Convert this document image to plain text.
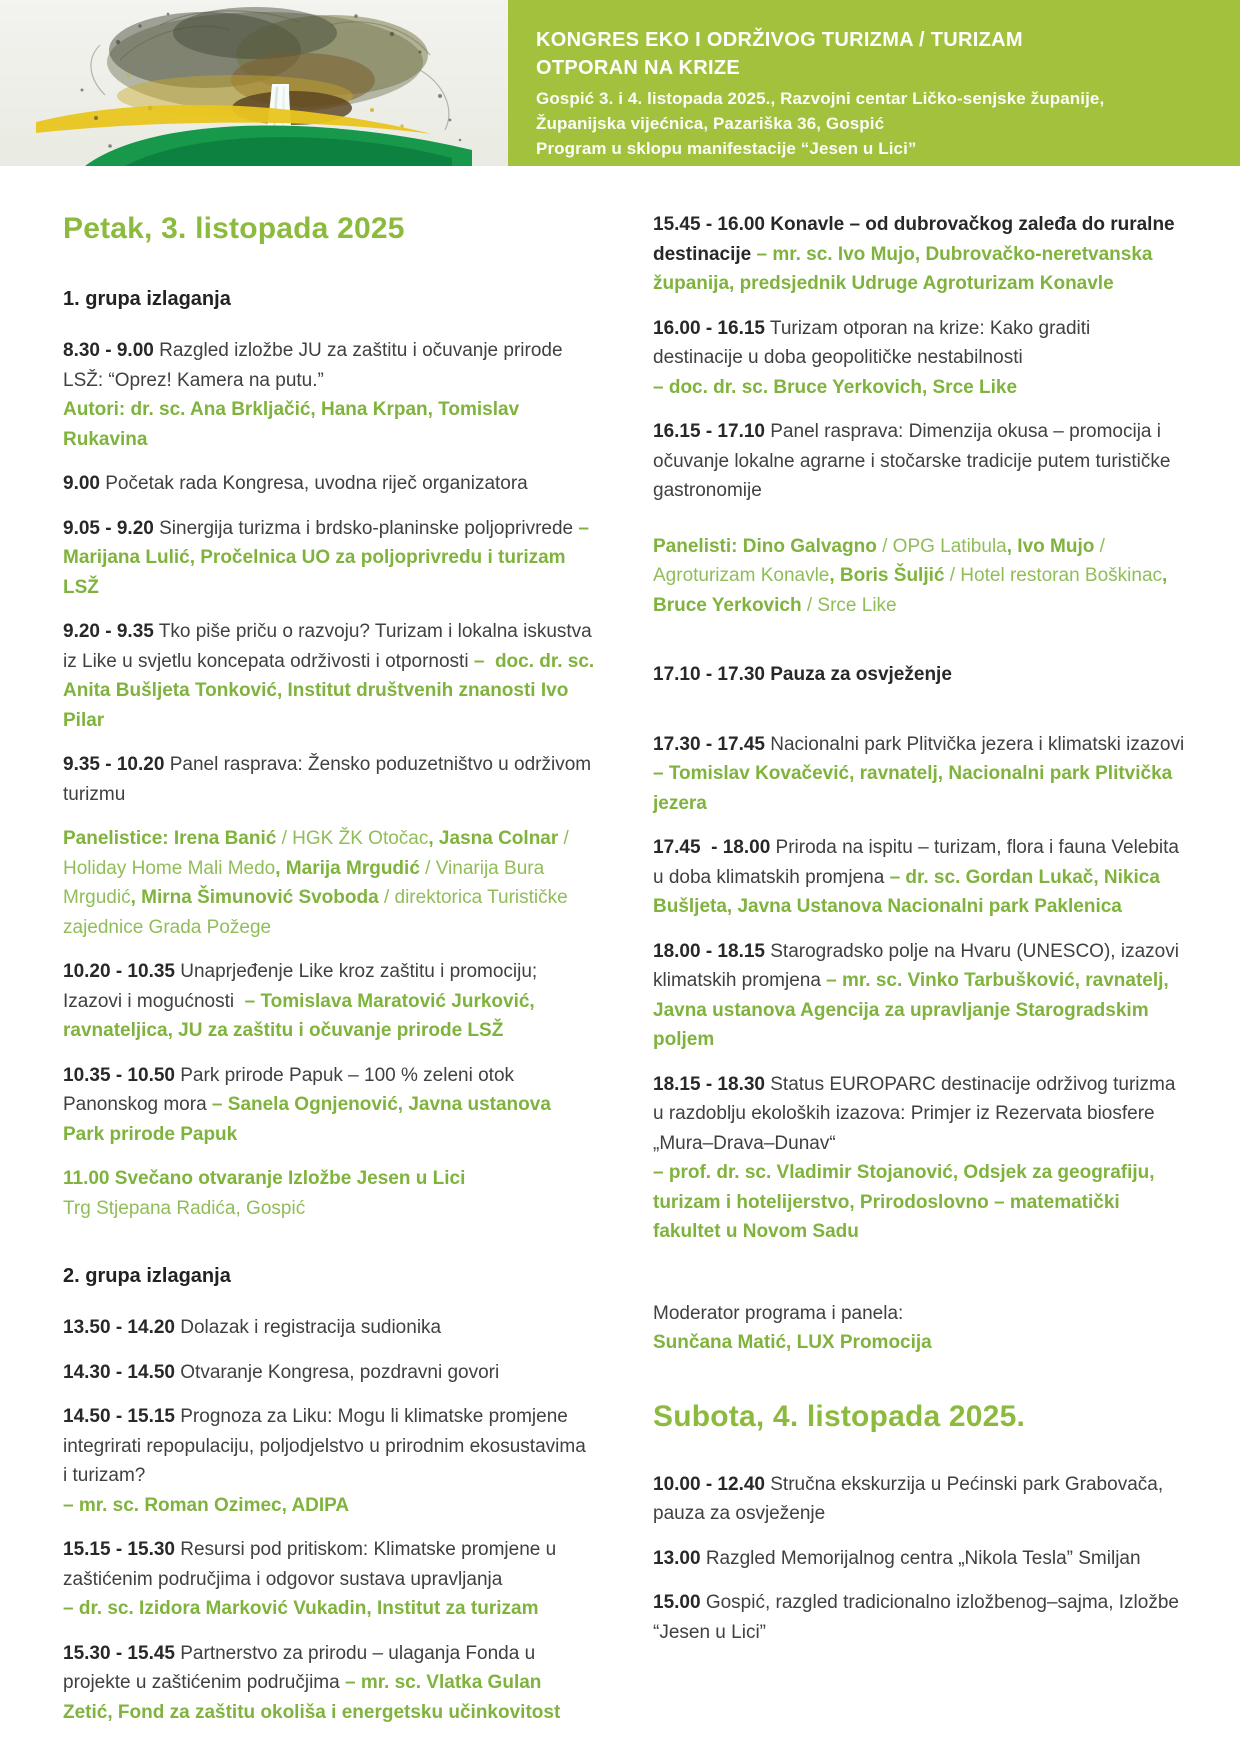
KONGRES EKO I ODRŽIVOG TURIZMA / TURIZAM
OTPORAN NA KRIZE
Gospić 3. i 4. listopada 2025., Razvojni centar Ličko-senjske županije,
Županijska vijećnica, Pazariška 36, Gospić
Program u sklopu manifestacije “Jesen u Lici”
Petak, 3. listopada 2025
1. grupa izlaganja

8.30 - 9.00 Razgled izložbe JU za zaštitu i očuvanje prirode LSŽ: “Oprez! Kamera na putu.”
Autori: dr. sc. Ana Brkljačić, Hana Krpan, Tomislav Rukavina

9.00 Početak rada Kongresa, uvodna riječ organizatora

9.05 - 9.20 Sinergija turizma i brdsko-planinske poljoprivrede – Marijana Lulić, Pročelnica UO za poljoprivredu i turizam LSŽ

9.20 - 9.35 Tko piše priču o razvoju? Turizam i lokalna iskustva iz Like u svjetlu koncepata održivosti i otpornosti –  doc. dr. sc. Anita Bušljeta Tonković, Institut društvenih znanosti Ivo Pilar

9.35 - 10.20 Panel rasprava: Žensko poduzetništvo u održivom turizmu

Panelistice: Irena Banić / HGK ŽK Otočac, Jasna Colnar / Holiday Home Mali Medo, Marija Mrgudić / Vinarija Bura Mrgudić, Mirna Šimunović Svoboda / direktorica Turističke zajednice Grada Požege

10.20 - 10.35 Unaprjeđenje Like kroz zaštitu i promociju; Izazovi i mogućnosti  – Tomislava Maratović Jurković, ravnateljica, JU za zaštitu i očuvanje prirode LSŽ

10.35 - 10.50 Park prirode Papuk – 100 % zeleni otok Panonskog mora – Sanela Ognjenović, Javna ustanova Park prirode Papuk

11.00 Svečano otvaranje Izložbe Jesen u Lici
Trg Stjepana Radića, Gospić

2. grupa izlaganja

13.50 - 14.20 Dolazak i registracija sudionika

14.30 - 14.50 Otvaranje Kongresa, pozdravni govori

14.50 - 15.15 Prognoza za Liku: Mogu li klimatske promjene integrirati repopulaciju, poljodjelstvo u prirodnim ekosustavima i turizam?
– mr. sc. Roman Ozimec, ADIPA

15.15 - 15.30 Resursi pod pritiskom: Klimatske promjene u zaštićenim područjima i odgovor sustava upravljanja
– dr. sc. Izidora Marković Vukadin, Institut za turizam

15.30 - 15.45 Partnerstvo za prirodu – ulaganja Fonda u projekte u zaštićenim područjima – mr. sc. Vlatka Gulan Zetić, Fond za zaštitu okoliša i energetsku učinkovitost

15.45 - 16.00 Konavle – od dubrovačkog zaleđa do ruralne destinacije – mr. sc. Ivo Mujo, Dubrovačko-neretvanska županija, predsjednik Udruge Agroturizam Konavle

16.00 - 16.15 Turizam otporan na krize: Kako graditi destinacije u doba geopolitičke nestabilnosti
– doc. dr. sc. Bruce Yerkovich, Srce Like

16.15 - 17.10 Panel rasprava: Dimenzija okusa – promocija i očuvanje lokalne agrarne i stočarske tradicije putem turističke gastronomije

Panelisti: Dino Galvagno / OPG Latibula, Ivo Mujo / Agroturizam Konavle, Boris Šuljić / Hotel restoran Boškinac, Bruce Yerkovich / Srce Like

17.10 - 17.30 Pauza za osvježenje

17.30 - 17.45 Nacionalni park Plitvička jezera i klimatski izazovi – Tomislav Kovačević, ravnatelj, Nacionalni park Plitvička jezera

17.45  - 18.00 Priroda na ispitu – turizam, flora i fauna Velebita u doba klimatskih promjena – dr. sc. Gordan Lukač, Nikica Bušljeta, Javna Ustanova Nacionalni park Paklenica

18.00 - 18.15 Starogradsko polje na Hvaru (UNESCO), izazovi klimatskih promjena – mr. sc. Vinko Tarbušković, ravnatelj, Javna ustanova Agencija za upravljanje Starogradskim poljem

18.15 - 18.30 Status EUROPARC destinacije održivog turizma u razdoblju ekoloških izazova: Primjer iz Rezervata biosfere „Mura–Drava–Dunav“
– prof. dr. sc. Vladimir Stojanović, Odsjek za geografiju, turizam i hotelijerstvo, Prirodoslovno – matematički fakultet u Novom Sadu

Moderator programa i panela:
Sunčana Matić, LUX Promocija

Subota, 4. listopada 2025.

10.00 - 12.40 Stručna ekskurzija u Pećinski park Grabovača, pauza za osvježenje

13.00 Razgled Memorijalnog centra „Nikola Tesla” Smiljan

15.00 Gospić, razgled tradicionalno izložbenog–sajma, Izložbe “Jesen u Lici”
